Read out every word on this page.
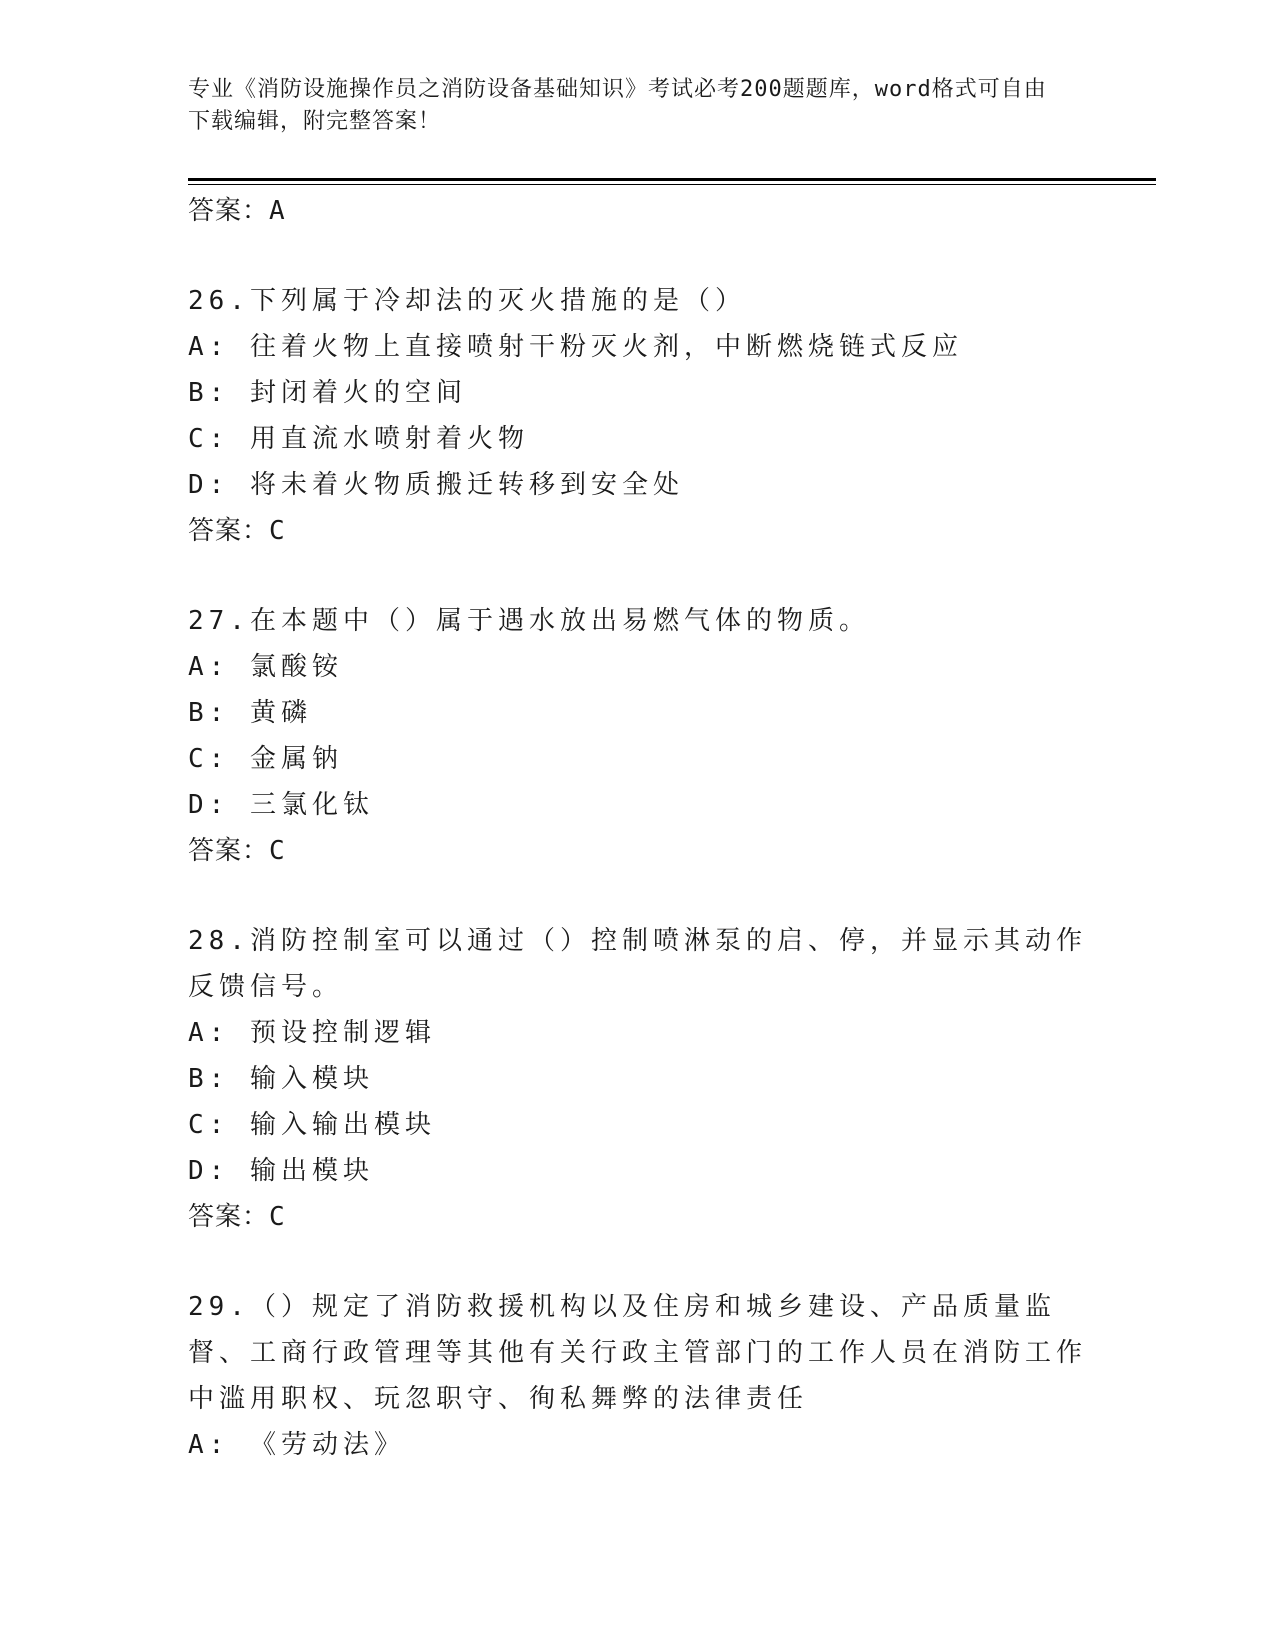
专业《消防设施操作员之消防设备基础知识》考试必考200题题库，word格式可自由下载编辑，附完整答案！

答案：A

26.下列属于冷却法的灭火措施的是（）

A: 往着火物上直接喷射干粉灭火剂，中断燃烧链式反应

B: 封闭着火的空间

C: 用直流水喷射着火物

D: 将未着火物质搬迁转移到安全处

答案：C

27.在本题中（）属于遇水放出易燃气体的物质。

A: 氯酸铵

B: 黄磷

C: 金属钠

D: 三氯化钛

答案：C

28.消防控制室可以通过（）控制喷淋泵的启、停，并显示其动作反馈信号。

A: 预设控制逻辑

B: 输入模块

C: 输入输出模块

D: 输出模块

答案：C

29.（）规定了消防救援机构以及住房和城乡建设、产品质量监督、工商行政管理等其他有关行政主管部门的工作人员在消防工作中滥用职权、玩忽职守、徇私舞弊的法律责任

A: 《劳动法》
